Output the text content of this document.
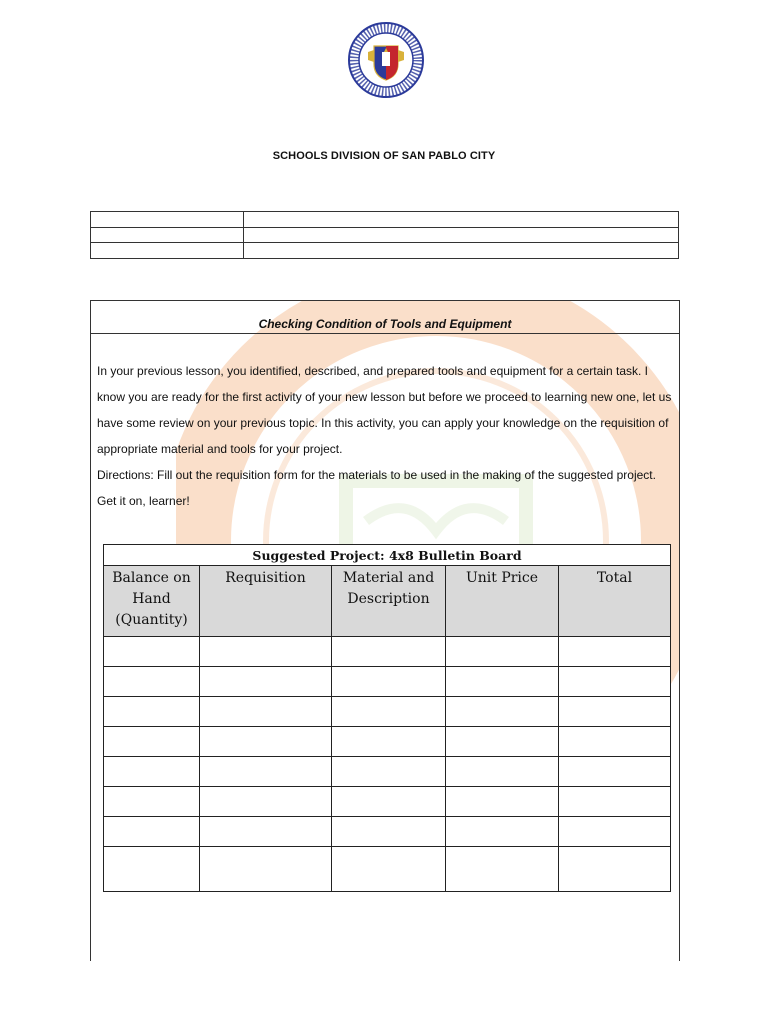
SCHOOLS DIVISION OF SAN PABLO CITY

Checking Condition of Tools and Equipment

In your previous lesson, you identified, described, and prepared tools and equipment for a certain task. I know you are ready for the first activity of your new lesson but before we proceed to learning new one, let us have some review on your previous topic. In this activity, you can apply your knowledge on the requisition of appropriate material and tools for your project.

Directions: Fill out the requisition form for the materials to be used in the making of the suggested project. Get it on, learner!

Suggested Project: 4x8 Bulletin Board				
Balance on Hand (Quantity)	Requisition	Material and Description	Unit Price	Total
